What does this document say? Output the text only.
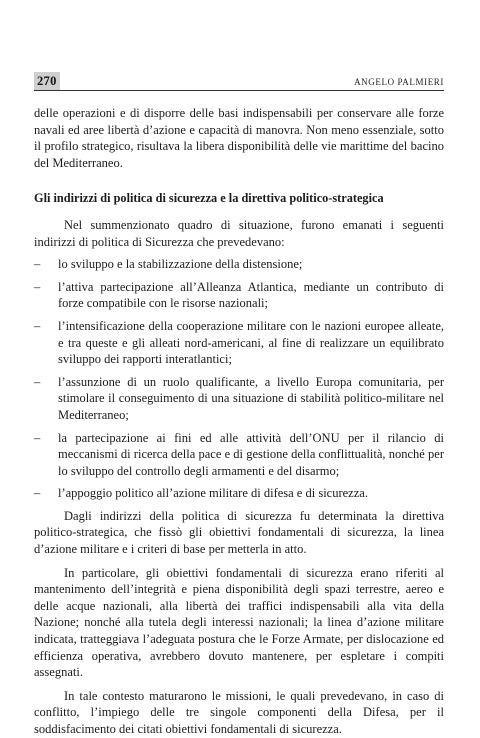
270	ANGELO PALMIERI

delle operazioni e di disporre delle basi indispensabili per conservare alle forze navali ed aree libertà d’azione e capacità di manovra. Non meno essenziale, sotto il profilo strategico, risultava la libera disponibilità delle vie marittime del bacino del Mediterraneo.

Gli indirizzi di politica di sicurezza e la direttiva politico-strategica

Nel summenzionato quadro di situazione, furono emanati i seguenti indirizzi di politica di Sicurezza che prevedevano:

– lo sviluppo e la stabilizzazione della distensione;
– l’attiva partecipazione all’Alleanza Atlantica, mediante un contributo di forze compatibile con le risorse nazionali;
– l’intensificazione della cooperazione militare con le nazioni europee alleate, e tra queste e gli alleati nord-americani, al fine di realizzare un equilibrato sviluppo dei rapporti interatlantici;
– l’assunzione di un ruolo qualificante, a livello Europa comunitaria, per stimolare il conseguimento di una situazione di stabilità politico-militare nel Mediterraneo;
– la partecipazione ai fini ed alle attività dell’ONU per il rilancio di meccanismi di ricerca della pace e di gestione della conflittualità, nonché per lo sviluppo del controllo degli armamenti e del disarmo;
– l’appoggio politico all’azione militare di difesa e di sicurezza.

Dagli indirizzi della politica di sicurezza fu determinata la direttiva politico-strategica, che fissò gli obiettivi fondamentali di sicurezza, la linea d’azione militare e i criteri di base per metterla in atto.

In particolare, gli obiettivi fondamentali di sicurezza erano riferiti al mantenimento dell’integrità e piena disponibilità degli spazi terrestre, aereo e delle acque nazionali, alla libertà dei traffici indispensabili alla vita della Nazione; nonché alla tutela degli interessi nazionali; la linea d’azione militare indicata, tratteggiava l’adeguata postura che le Forze Armate, per dislocazione ed efficienza operativa, avrebbero dovuto mantenere, per espletare i compiti assegnati.

In tale contesto maturarono le missioni, le quali prevedevano, in caso di conflitto, l’impiego delle tre singole componenti della Difesa, per il soddisfacimento dei citati obiettivi fondamentali di sicurezza.
